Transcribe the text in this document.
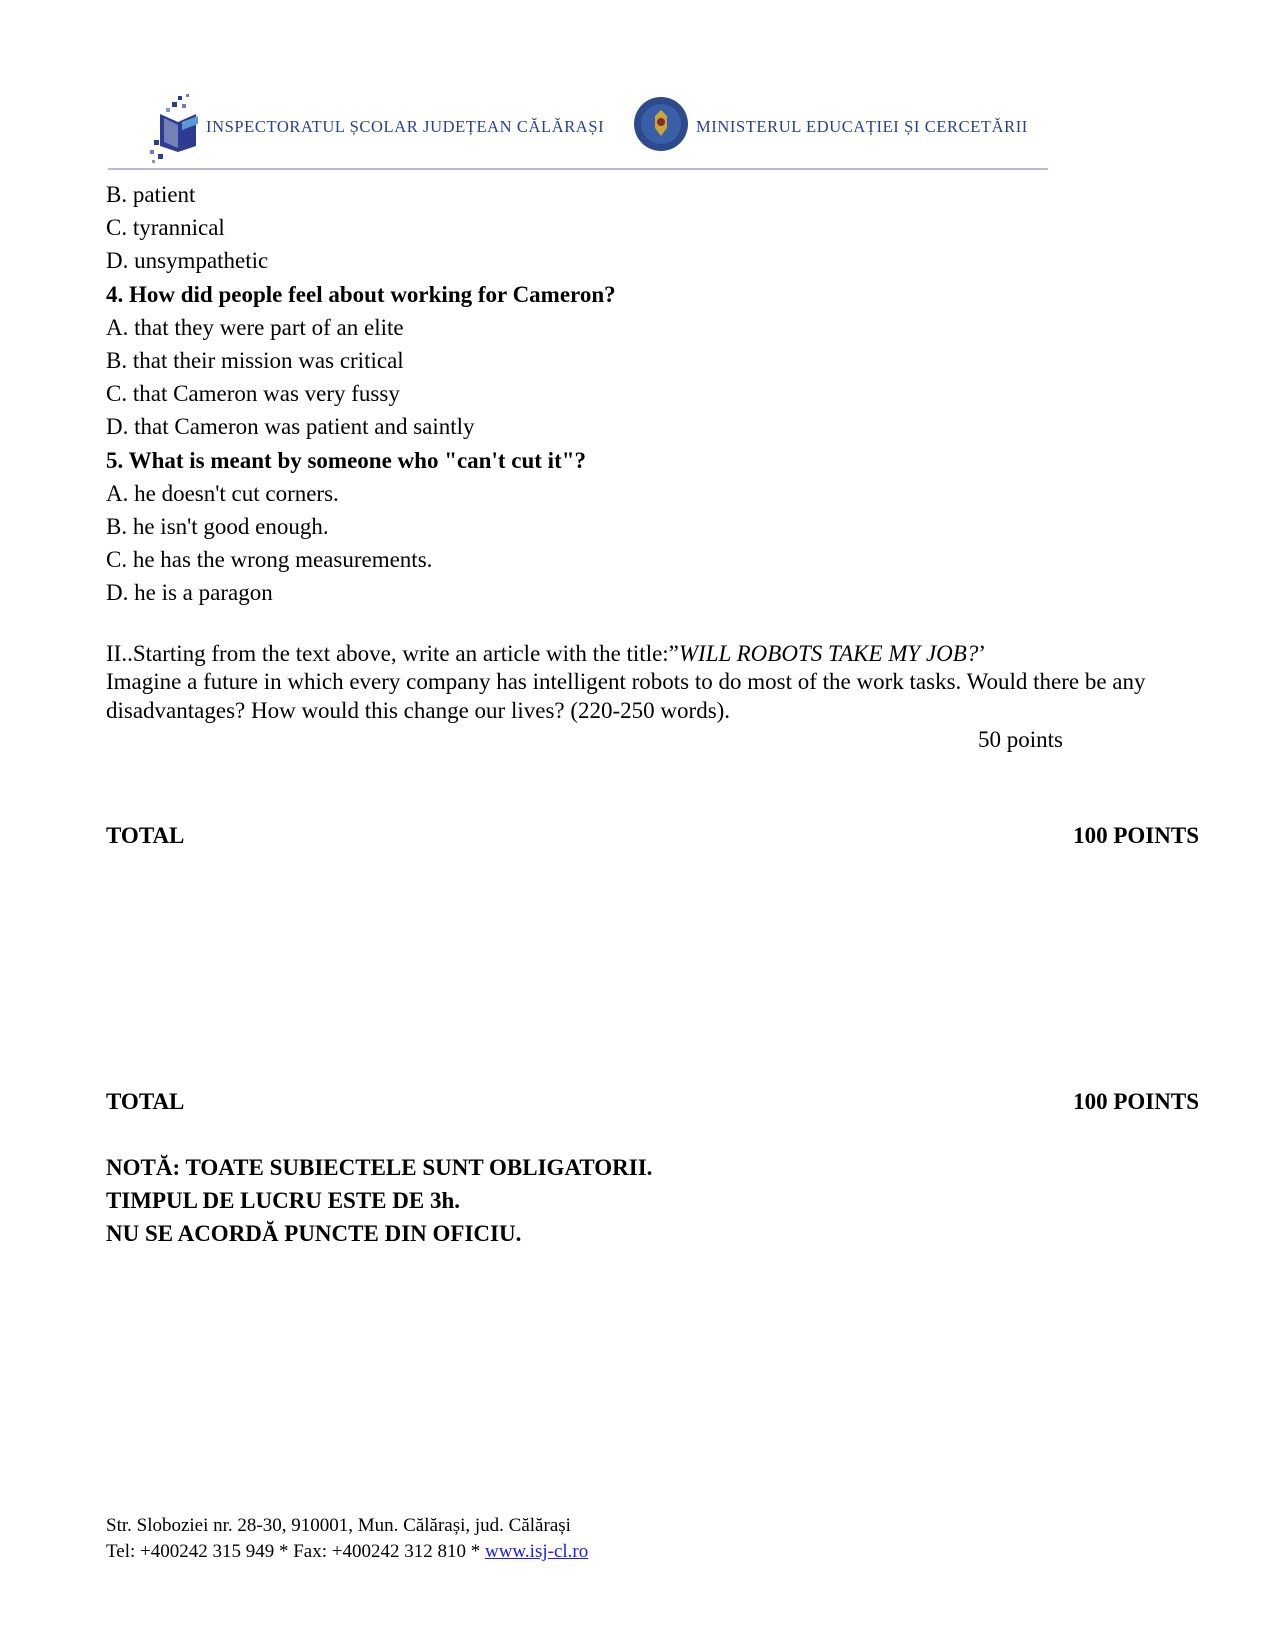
INSPECTORATUL ȘCOLAR JUDEȚEAN CĂLĂRAȘI	MINISTERUL EDUCAȚIEI ȘI CERCETĂRII
B. patient
C. tyrannical
D. unsympathetic
4. How did people feel about working for Cameron?
A. that they were part of an elite
B. that their mission was critical
C. that Cameron was very fussy
D. that Cameron was patient and saintly
5. What is meant by someone who "can't cut it"?
A. he doesn't cut corners.
B. he isn't good enough.
C. he has the wrong measurements.
D. he is a paragon
II..Starting from the text above, write an article with the title:”WILL ROBOTS TAKE MY JOB?’
Imagine a future in which every company has intelligent robots to do most of the work tasks. Would there be any disadvantages? How would this change our lives? (220-250 words).
50 points
TOTAL	100 POINTS
TOTAL	100 POINTS
NOTĂ: TOATE SUBIECTELE SUNT OBLIGATORII.
TIMPUL DE LUCRU ESTE DE 3h.
NU SE ACORDĂ PUNCTE DIN OFICIU.
Str. Sloboziei nr. 28-30, 910001, Mun. Călărași, jud. Călărași
Tel: +400242 315 949 * Fax: +400242 312 810 * www.isj-cl.ro
